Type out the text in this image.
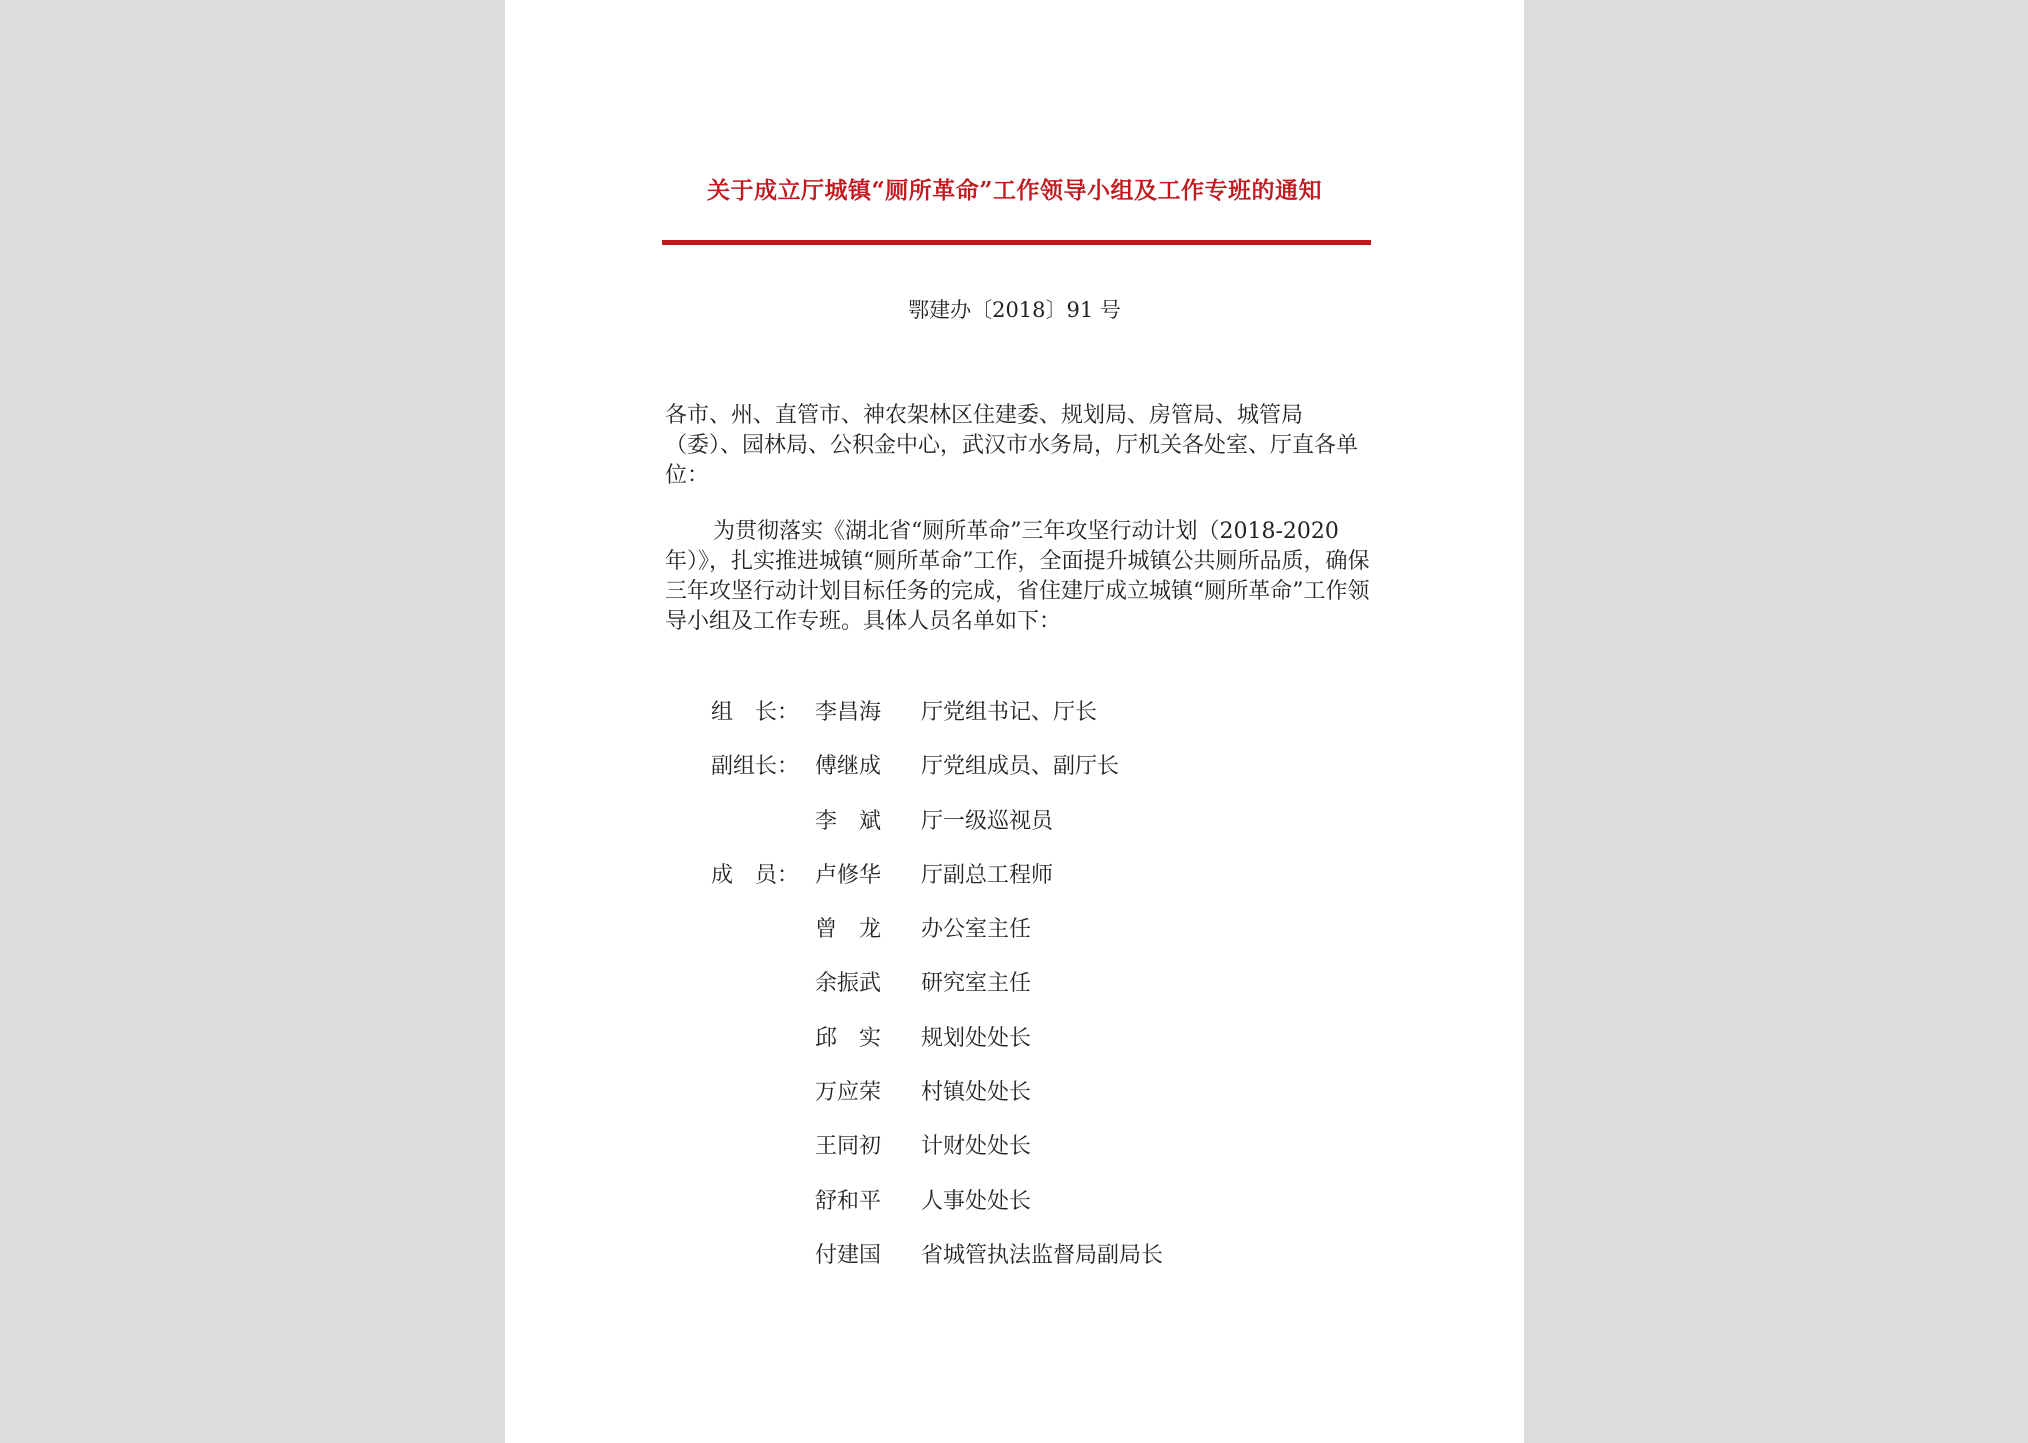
关于成立厅城镇“厕所革命”工作领导小组及工作专班的通知
鄂建办〔2018〕91 号

各市、州、直管市、神农架林区住建委、规划局、房管局、城管局（委）、园林局、公积金中心，武汉市水务局，厅机关各处室、厅直各单位：

为贯彻落实《湖北省“厕所革命”三年攻坚行动计划（2018-2020 年）》，扎实推进城镇“厕所革命”工作，全面提升城镇公共厕所品质，确保三年攻坚行动计划目标任务的完成，省住建厅成立城镇“厕所革命”工作领导小组及工作专班。具体人员名单如下：

组　长： 李昌海 厅党组书记、厅长
副组长： 傅继成 厅党组成员、副厅长
李　斌 厅一级巡视员
成　员： 卢修华 厅副总工程师
曾　龙 办公室主任
余振武 研究室主任
邱　实 规划处处长
万应荣 村镇处处长
王同初 计财处处长
舒和平 人事处处长
付建国 省城管执法监督局副局长
